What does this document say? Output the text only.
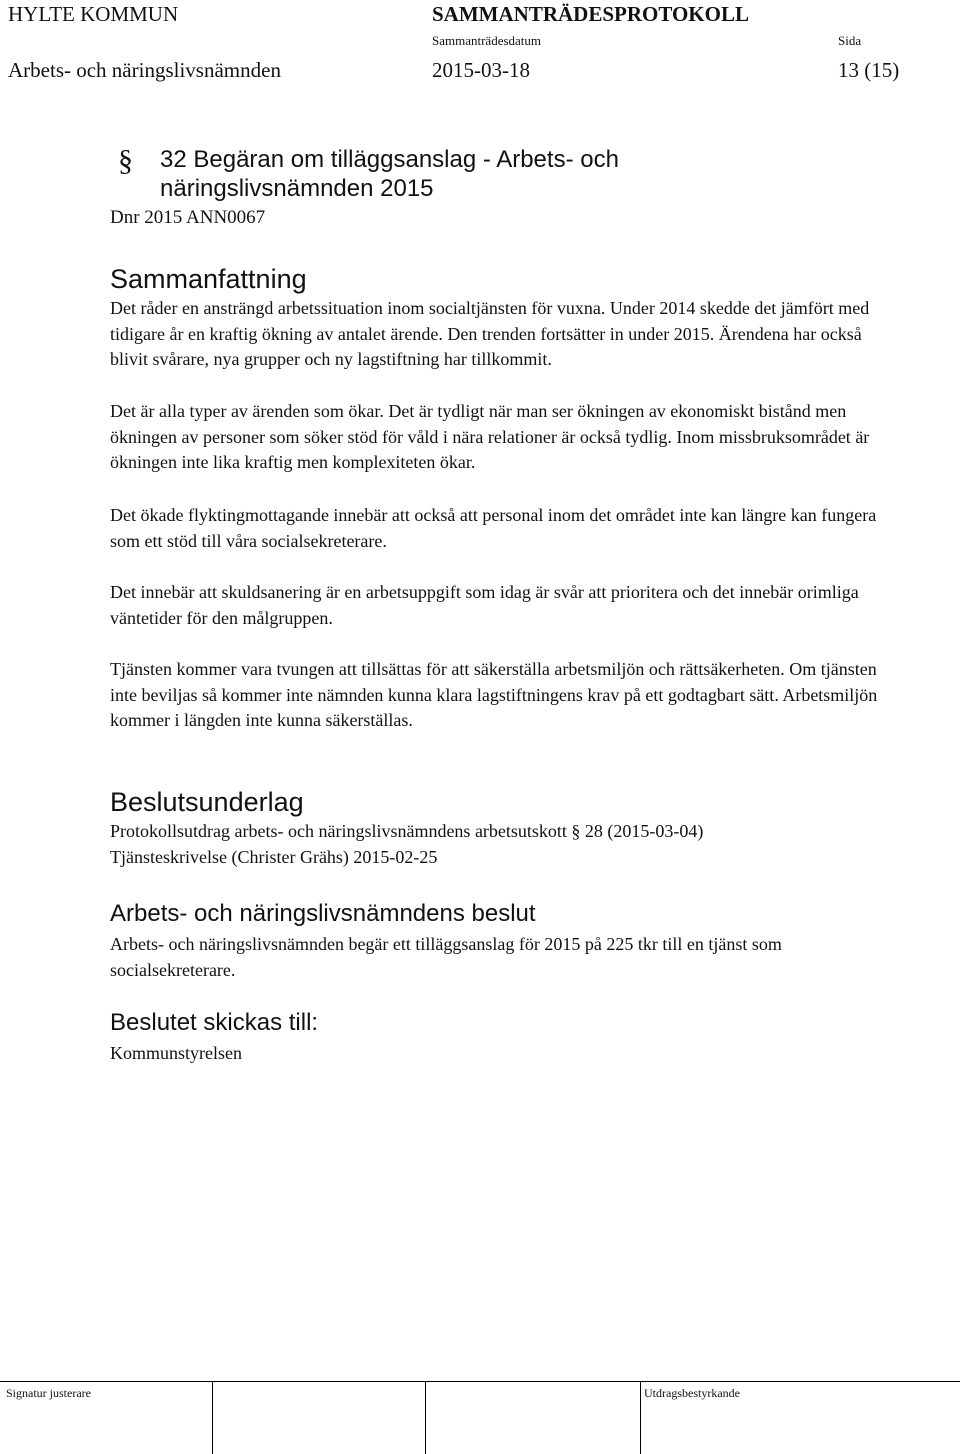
HYLTE KOMMUN	SAMMANTRÄDESPROTOKOLL
Sammanträdesdatum	Sida
Arbets- och näringslivsnämnden	2015-03-18	13 (15)
§ 32 Begäran om tilläggsanslag - Arbets- och
näringslivsnämnden 2015
Dnr 2015 ANN0067
Sammanfattning

Det råder en ansträngd arbetssituation inom socialtjänsten för vuxna. Under 2014 skedde det jämfört med tidigare år en kraftig ökning av antalet ärende. Den trenden fortsätter in under 2015. Ärendena har också blivit svårare, nya grupper och ny lagstiftning har tillkommit.

Det är alla typer av ärenden som ökar. Det är tydligt när man ser ökningen av ekonomiskt bistånd men ökningen av personer som söker stöd för våld i nära relationer är också tydlig. Inom missbruksområdet är ökningen inte lika kraftig men komplexiteten ökar.

Det ökade flyktingmottagande innebär att också att personal inom det området inte kan längre kan fungera som ett stöd till våra socialsekreterare.

Det innebär att skuldsanering är en arbetsuppgift som idag är svår att prioritera och det innebär orimliga väntetider för den målgruppen.

Tjänsten kommer vara tvungen att tillsättas för att säkerställa arbetsmiljön och rättsäkerheten. Om tjänsten inte beviljas så kommer inte nämnden kunna klara lagstiftningens krav på ett godtagbart sätt. Arbetsmiljön kommer i längden inte kunna säkerställas.

Beslutsunderlag
Protokollsutdrag arbets- och näringslivsnämndens arbetsutskott § 28 (2015-03-04)
Tjänsteskrivelse (Christer Grähs) 2015-02-25
Arbets- och näringslivsnämndens beslut

Arbets- och näringslivsnämnden begär ett tilläggsanslag för 2015 på 225 tkr till en tjänst som socialsekreterare.

Beslutet skickas till:
Kommunstyrelsen
Signatur justerare	Utdragsbestyrkande
